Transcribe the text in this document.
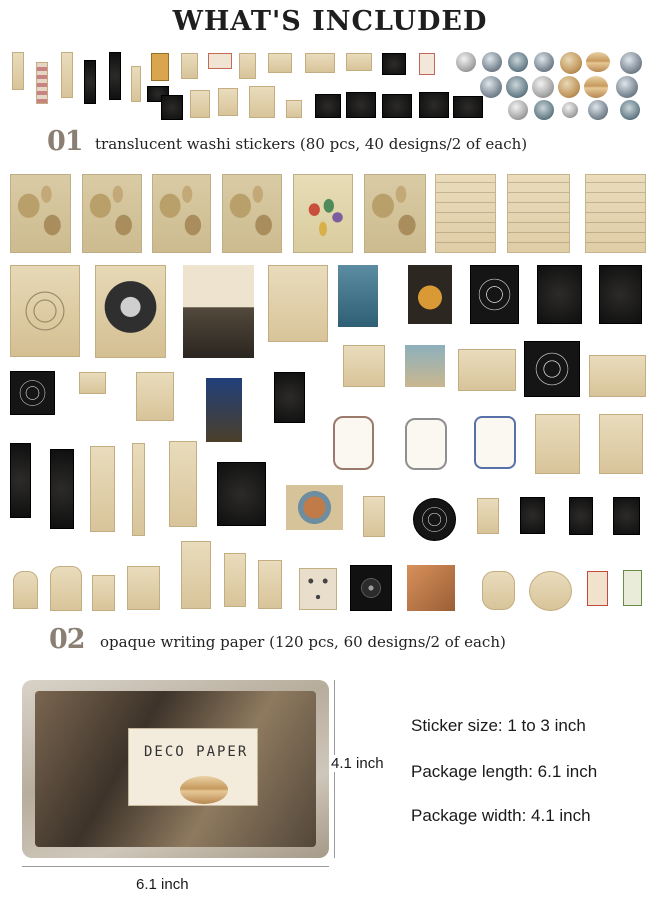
WHAT'S INCLUDED
01 translucent washi stickers (80 pcs, 40 designs/2 of each)
02 opaque writing paper (120 pcs, 60 designs/2 of each)
DECO PAPER
4.1 inch
6.1 inch
Sticker size: 1 to 3 inch
Package length: 6.1 inch
Package width: 4.1 inch
